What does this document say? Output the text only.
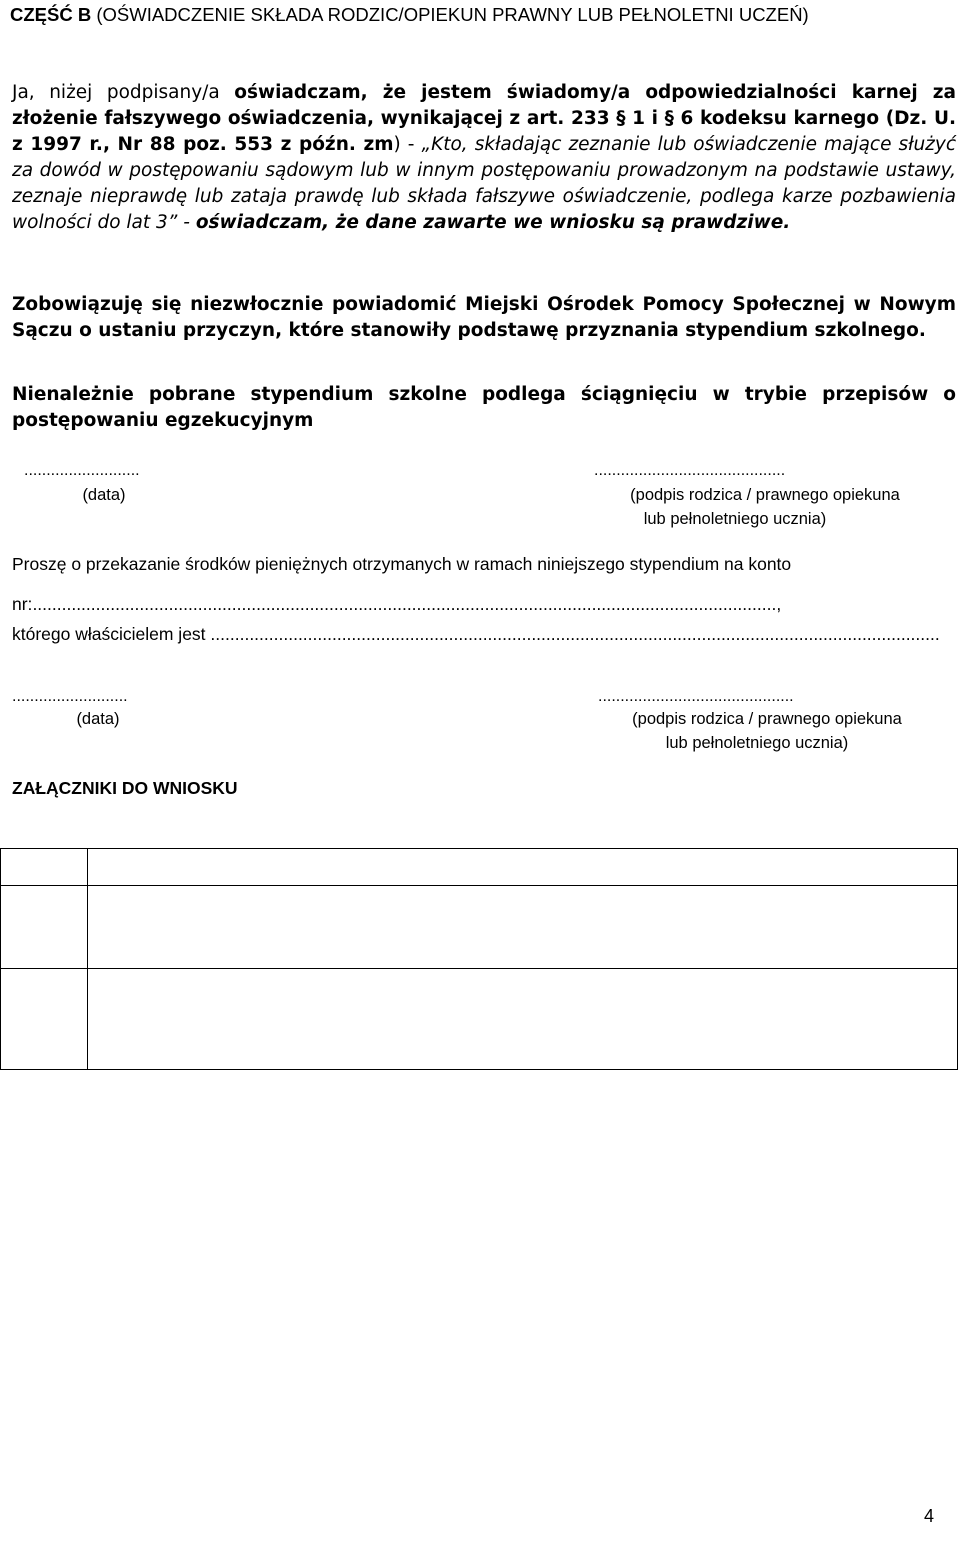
CZĘŚĆ B (OŚWIADCZENIE SKŁADA RODZIC/OPIEKUN PRAWNY LUB PEŁNOLETNI UCZEŃ)
Ja, niżej podpisany/a oświadczam, że jestem świadomy/a odpowiedzialności karnej za złożenie fałszywego oświadczenia, wynikającej z art. 233 § 1 i § 6 kodeksu karnego (Dz. U. z 1997 r., Nr 88 poz. 553 z późn. zm) - „Kto, składając zeznanie lub oświadczenie mające służyć za dowód w postępowaniu sądowym lub w innym postępowaniu prowadzonym na podstawie ustawy, zeznaje nieprawdę lub zataja prawdę lub składa fałszywe oświadczenie, podlega karze pozbawienia wolności do lat 3” - oświadczam, że dane zawarte we wniosku są prawdziwe.
Zobowiązuję się niezwłocznie powiadomić Miejski Ośrodek Pomocy Społecznej w Nowym Sączu o ustaniu przyczyn, które stanowiły podstawę przyznania stypendium szkolnego.
Nienależnie pobrane stypendium szkolne podlega ściągnięciu w trybie przepisów o postępowaniu egzekucyjnym
..........................
(data)
...........................................
(podpis rodzica / prawnego opiekuna
lub pełnoletniego ucznia)
Proszę o przekazanie środków pieniężnych otrzymanych w ramach niniejszego stypendium na konto
nr:.........................................................................................................................................................,
którego właścicielem jest ......................................................................................................................................................
..........................
(data)
............................................
(podpis rodzica / prawnego opiekuna
lub pełnoletniego ucznia)
ZAŁĄCZNIKI DO WNIOSKU

4
